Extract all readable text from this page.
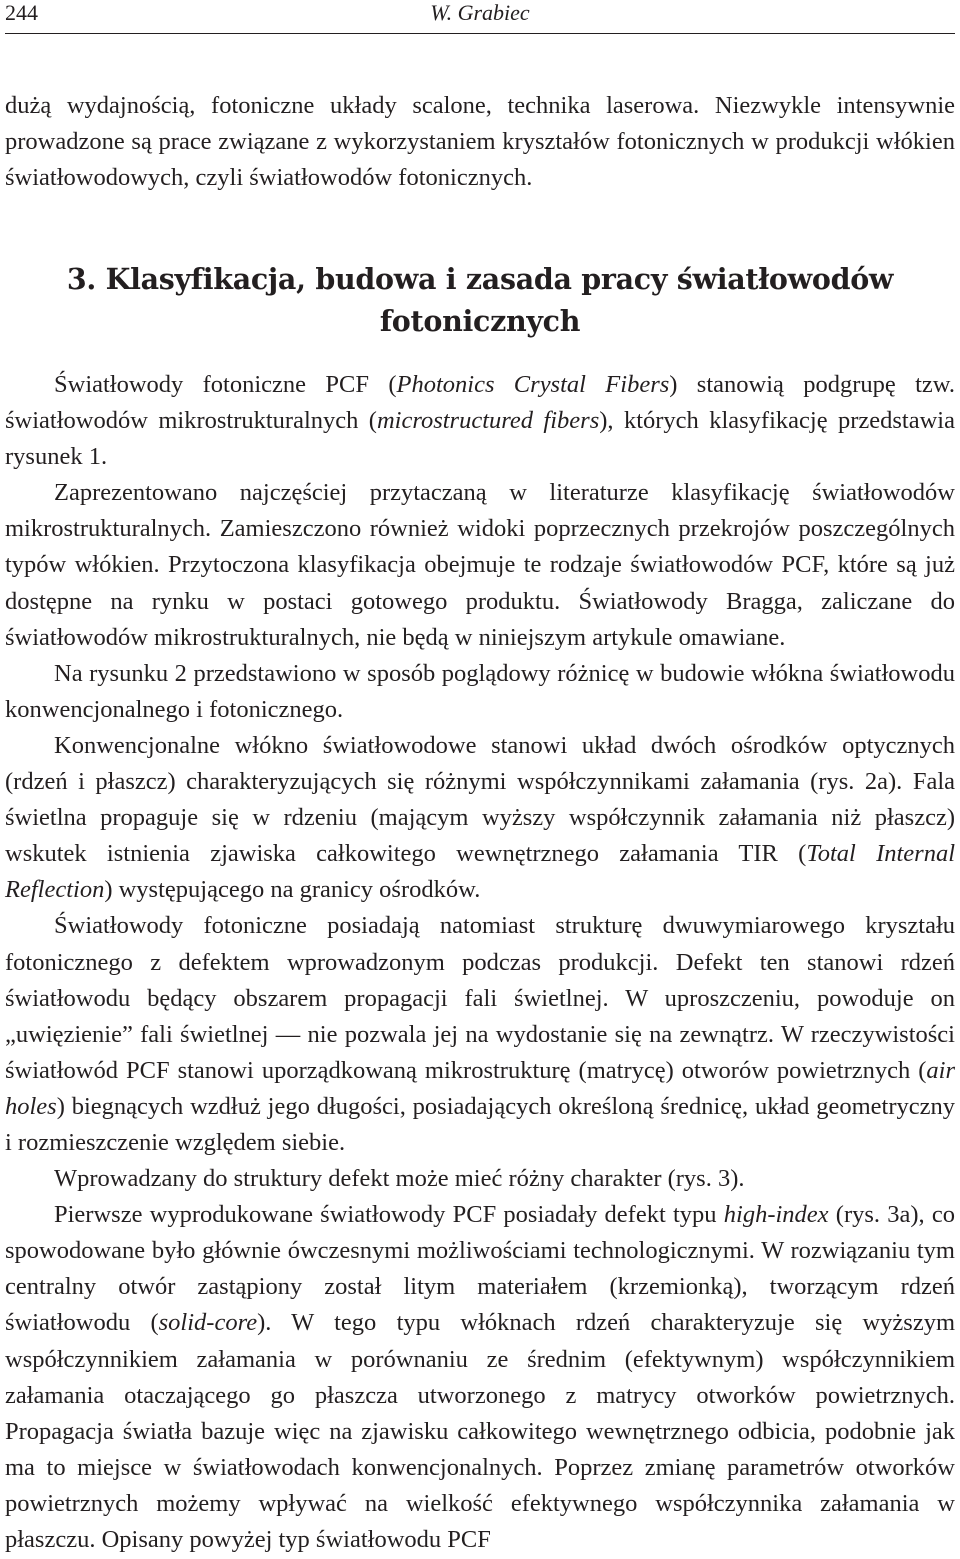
244	W. Grabiec

dużą wydajnością, fotoniczne układy scalone, technika laserowa. Niezwykle intensywnie prowadzone są prace związane z wykorzystaniem kryształów fotonicznych w produkcji włókien światłowodowych, czyli światłowodów fotonicznych.

3. Klasyfikacja, budowa i zasada pracy światłowodów
fotonicznych

Światłowody fotoniczne PCF (Photonics Crystal Fibers) stanowią podgrupę tzw. światłowodów mikrostrukturalnych (microstructured fibers), których klasyfikację przedstawia rysunek 1.

Zaprezentowano najczęściej przytaczaną w literaturze klasyfikację światłowodów mikrostrukturalnych. Zamieszczono również widoki poprzecznych przekrojów poszczególnych typów włókien. Przytoczona klasyfikacja obejmuje te rodzaje światłowodów PCF, które są już dostępne na rynku w postaci gotowego produktu. Światłowody Bragga, zaliczane do światłowodów mikrostrukturalnych, nie będą w niniejszym artykule omawiane.

Na rysunku 2 przedstawiono w sposób poglądowy różnicę w budowie włókna światłowodu konwencjonalnego i fotonicznego.

Konwencjonalne włókno światłowodowe stanowi układ dwóch ośrodków optycznych (rdzeń i płaszcz) charakteryzujących się różnymi współczynnikami załamania (rys. 2a). Fala świetlna propaguje się w rdzeniu (mającym wyższy współczynnik załamania niż płaszcz) wskutek istnienia zjawiska całkowitego wewnętrznego załamania TIR (Total Internal Reflection) występującego na granicy ośrodków.

Światłowody fotoniczne posiadają natomiast strukturę dwuwymiarowego kryształu fotonicznego z defektem wprowadzonym podczas produkcji. Defekt ten stanowi rdzeń światłowodu będący obszarem propagacji fali świetlnej. W uproszczeniu, powoduje on „uwięzienie” fali świetlnej — nie pozwala jej na wydostanie się na zewnątrz. W rzeczywistości światłowód PCF stanowi uporządkowaną mikrostrukturę (matrycę) otworów powietrznych (air holes) biegnących wzdłuż jego długości, posiadających określoną średnicę, układ geometryczny i rozmieszczenie względem siebie.

Wprowadzany do struktury defekt może mieć różny charakter (rys. 3).

Pierwsze wyprodukowane światłowody PCF posiadały defekt typu high-index (rys. 3a), co spowodowane było głównie ówczesnymi możliwościami technologicznymi. W rozwiązaniu tym centralny otwór zastąpiony został litym materiałem (krzemionką), tworzącym rdzeń światłowodu (solid-core). W tego typu włóknach rdzeń charakteryzuje się wyższym współczynnikiem załamania w porównaniu ze średnim (efektywnym) współczynnikiem załamania otaczającego go płaszcza utworzonego z matrycy otworków powietrznych. Propagacja światła bazuje więc na zjawisku całkowitego wewnętrznego odbicia, podobnie jak ma to miejsce w światłowodach konwencjonalnych. Poprzez zmianę parametrów otworków powietrznych możemy wpływać na wielkość efektywnego współczynnika załamania w płaszczu. Opisany powyżej typ światłowodu PCF
